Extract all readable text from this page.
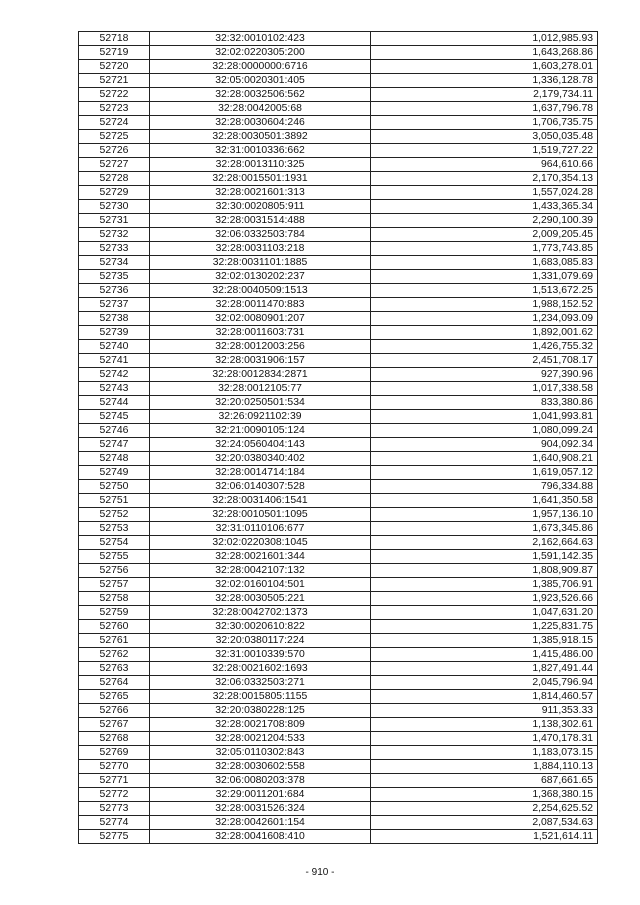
52718	32:32:0010102:423	1,012,985.93
52719	32:02:0220305:200	1,643,268.86
52720	32:28:0000000:6716	1,603,278.01
52721	32:05:0020301:405	1,336,128.78
52722	32:28:0032506:562	2,179,734.11
52723	32:28:0042005:68	1,637,796.78
52724	32:28:0030604:246	1,706,735.75
52725	32:28:0030501:3892	3,050,035.48
52726	32:31:0010336:662	1,519,727.22
52727	32:28:0013110:325	964,610.66
52728	32:28:0015501:1931	2,170,354.13
52729	32:28:0021601:313	1,557,024.28
52730	32:30:0020805:911	1,433,365.34
52731	32:28:0031514:488	2,290,100.39
52732	32:06:0332503:784	2,009,205.45
52733	32:28:0031103:218	1,773,743.85
52734	32:28:0031101:1885	1,683,085.83
52735	32:02:0130202:237	1,331,079.69
52736	32:28:0040509:1513	1,513,672.25
52737	32:28:0011470:883	1,988,152.52
52738	32:02:0080901:207	1,234,093.09
52739	32:28:0011603:731	1,892,001.62
52740	32:28:0012003:256	1,426,755.32
52741	32:28:0031906:157	2,451,708.17
52742	32:28:0012834:2871	927,390.96
52743	32:28:0012105:77	1,017,338.58
52744	32:20:0250501:534	833,380.86
52745	32:26:0921102:39	1,041,993.81
52746	32:21:0090105:124	1,080,099.24
52747	32:24:0560404:143	904,092.34
52748	32:20:0380340:402	1,640,908.21
52749	32:28:0014714:184	1,619,057.12
52750	32:06:0140307:528	796,334.88
52751	32:28:0031406:1541	1,641,350.58
52752	32:28:0010501:1095	1,957,136.10
52753	32:31:0110106:677	1,673,345.86
52754	32:02:0220308:1045	2,162,664.63
52755	32:28:0021601:344	1,591,142.35
52756	32:28:0042107:132	1,808,909.87
52757	32:02:0160104:501	1,385,706.91
52758	32:28:0030505:221	1,923,526.66
52759	32:28:0042702:1373	1,047,631.20
52760	32:30:0020610:822	1,225,831.75
52761	32:20:0380117:224	1,385,918.15
52762	32:31:0010339:570	1,415,486.00
52763	32:28:0021602:1693	1,827,491.44
52764	32:06:0332503:271	2,045,796.94
52765	32:28:0015805:1155	1,814,460.57
52766	32:20:0380228:125	911,353.33
52767	32:28:0021708:809	1,138,302.61
52768	32:28:0021204:533	1,470,178.31
52769	32:05:0110302:843	1,183,073.15
52770	32:28:0030602:558	1,884,110.13
52771	32:06:0080203:378	687,661.65
52772	32:29:0011201:684	1,368,380.15
52773	32:28:0031526:324	2,254,625.52
52774	32:28:0042601:154	2,087,534.63
52775	32:28:0041608:410	1,521,614.11
- 910 -
